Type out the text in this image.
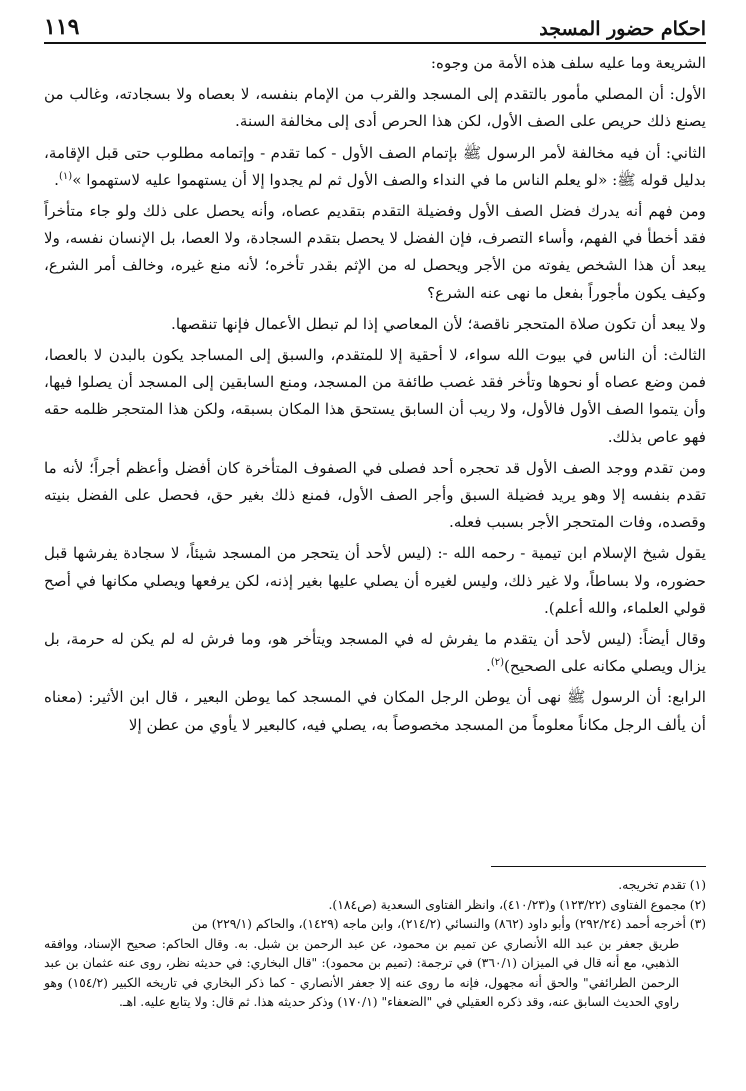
احكام حضور المسجد
١١٩

الشريعة وما عليه سلف هذه الأمة من وجوه:

الأول: أن المصلي مأمور بالتقدم إلى المسجد والقرب من الإمام بنفسه، لا بعصاه ولا بسجادته، وغالب من يصنع ذلك حريص على الصف الأول، لكن هذا الحرص أدى إلى مخالفة السنة.

الثاني: أن فيه مخالفة لأمر الرسول ﷺ بإتمام الصف الأول - كما تقدم - وإتمامه مطلوب حتى قبل الإقامة، بدليل قوله ﷺ: «لو يعلم الناس ما في النداء والصف الأول ثم لم يجدوا إلا أن يستهموا عليه لاستهموا »$^{(١)}$.

ومن فهم أنه يدرك فضل الصف الأول وفضيلة التقدم بتقديم عصاه، وأنه يحصل على ذلك ولو جاء متأخراً فقد أخطأ في الفهم، وأساء التصرف، فإن الفضل لا يحصل بتقدم السجادة، ولا العصا، بل الإنسان نفسه، ولا يبعد أن هذا الشخص يفوته من الأجر ويحصل له من الإثم بقدر تأخره؛ لأنه منع غيره، وخالف أمر الشرع، وكيف يكون مأجوراً بفعل ما نهى عنه الشرع؟

ولا يبعد أن تكون صلاة المتحجر ناقصة؛ لأن المعاصي إذا لم تبطل الأعمال فإنها تنقصها.

الثالث: أن الناس في بيوت الله سواء، لا أحقية إلا للمتقدم، والسبق إلى المساجد يكون بالبدن لا بالعصا، فمن وضع عصاه أو نحوها وتأخر فقد غصب طائفة من المسجد، ومنع السابقين إلى المسجد أن يصلوا فيها، وأن يتموا الصف الأول فالأول، ولا ريب أن السابق يستحق هذا المكان بسبقه، ولكن هذا المتحجر ظلمه حقه فهو عاص بذلك.

ومن تقدم ووجد الصف الأول قد تحجره أحد فصلى في الصفوف المتأخرة كان أفضل وأعظم أجراً؛ لأنه ما تقدم بنفسه إلا وهو يريد فضيلة السبق وأجر الصف الأول، فمنع ذلك بغير حق، فحصل على الفضل بنيته وقصده، وفات المتحجر الأجر بسبب فعله.

يقول شيخ الإسلام ابن تيمية - رحمه الله -: (ليس لأحد أن يتحجر من المسجد شيئاً، لا سجادة يفرشها قبل حضوره، ولا بساطاً، ولا غير ذلك، وليس لغيره أن يصلي عليها بغير إذنه، لكن يرفعها ويصلي مكانها في أصح قولي العلماء، والله أعلم).

وقال أيضاً: (ليس لأحد أن يتقدم ما يفرش له في المسجد ويتأخر هو، وما فرش له لم يكن له حرمة، بل يزال ويصلي مكانه على الصحيح)$^{(٢)}$.

الرابع: أن الرسول ﷺ نهى أن يوطن الرجل المكان في المسجد كما يوطن البعير ، قال ابن الأثير: (معناه أن يألف الرجل مكاناً معلوماً من المسجد مخصوصاً به، يصلي فيه، كالبعير لا يأوي من عطن إلا

(١) تقدم تخريجه.

(٢) مجموع الفتاوى (١٢٣/٢٢) و(٤١٠/٢٣)، وانظر الفتاوى السعدية (ص١٨٤).

(٣) أخرجه أحمد (٢٩٢/٢٤) وأبو داود (٨٦٢) والنسائي (٢١٤/٢)، وابن ماجه (١٤٢٩)، والحاكم (٢٢٩/١) من

طريق جعفر بن عبد الله الأنصاري عن تميم بن محمود، عن عبد الرحمن بن شبل. به. وقال الحاكم: صحيح الإسناد، ووافقه الذهبي، مع أنه قال في الميزان (٣٦٠/١) في ترجمة: (تميم بن محمود): "قال البخاري: في حديثه نظر، روى عنه عثمان بن عبد الرحمن الطرائفي" والحق أنه مجهول، فإنه ما روى عنه إلا جعفر الأنصاري - كما ذكر البخاري في تاريخه الكبير (١٥٤/٢) وهو راوي الحديث السابق عنه، وقد ذكره العقيلي في "الضعفاء" (١٧٠/١) وذكر حديثه هذا. ثم قال: ولا يتابع عليه. اهـ.
